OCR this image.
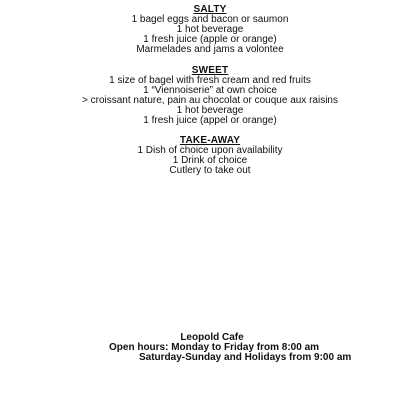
SALTY
1 bagel eggs and bacon or saumon
1 hot beverage
1 fresh juice (apple or orange)
Marmelades and jams a volontee
SWEET
1 size of bagel with fresh cream and red fruits
1 “Viennoiserie” at own choice
> croissant nature, pain au chocolat or couque aux raisins
1 hot beverage
1 fresh juice (appel or orange)
TAKE-AWAY
1 Dish of choice upon availability
1 Drink of choice
Cutlery to take out
Leopold Cafe
Open hours: Monday to Friday from 8:00 am
Saturday-Sunday and Holidays from 9:00 am
